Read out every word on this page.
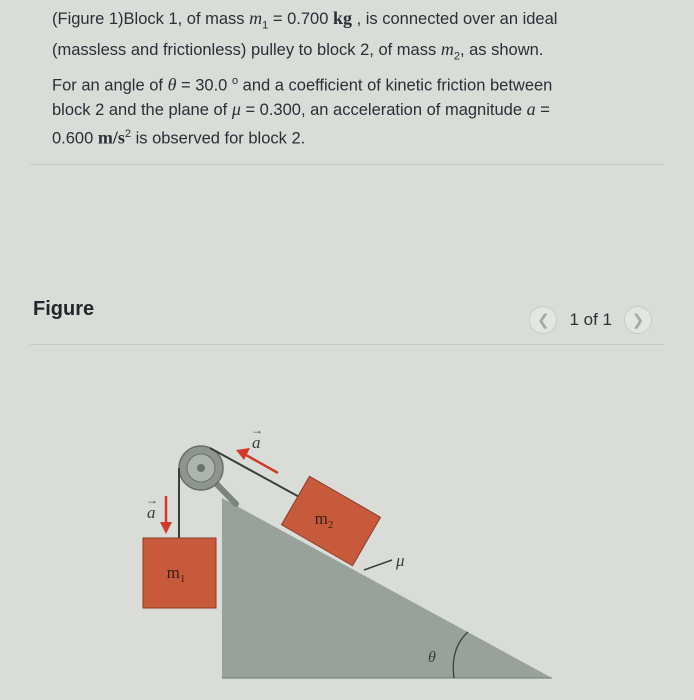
(Figure 1)Block 1, of mass $m_1 = 0.700$ kg , is connected over an ideal
(massless and frictionless) pulley to block 2, of mass $m_2$, as shown.
For an angle of θ = 30.0 $^o$ and a coefficient of kinetic friction between
block 2 and the plane of μ = 0.300, an acceleration of magnitude a =
0.600 $m/s^2$ is observed for block 2.
Figure
❮ 1 of 1 ❯
$m_1$
$m_2$
a
→
a
→
μ
θ
